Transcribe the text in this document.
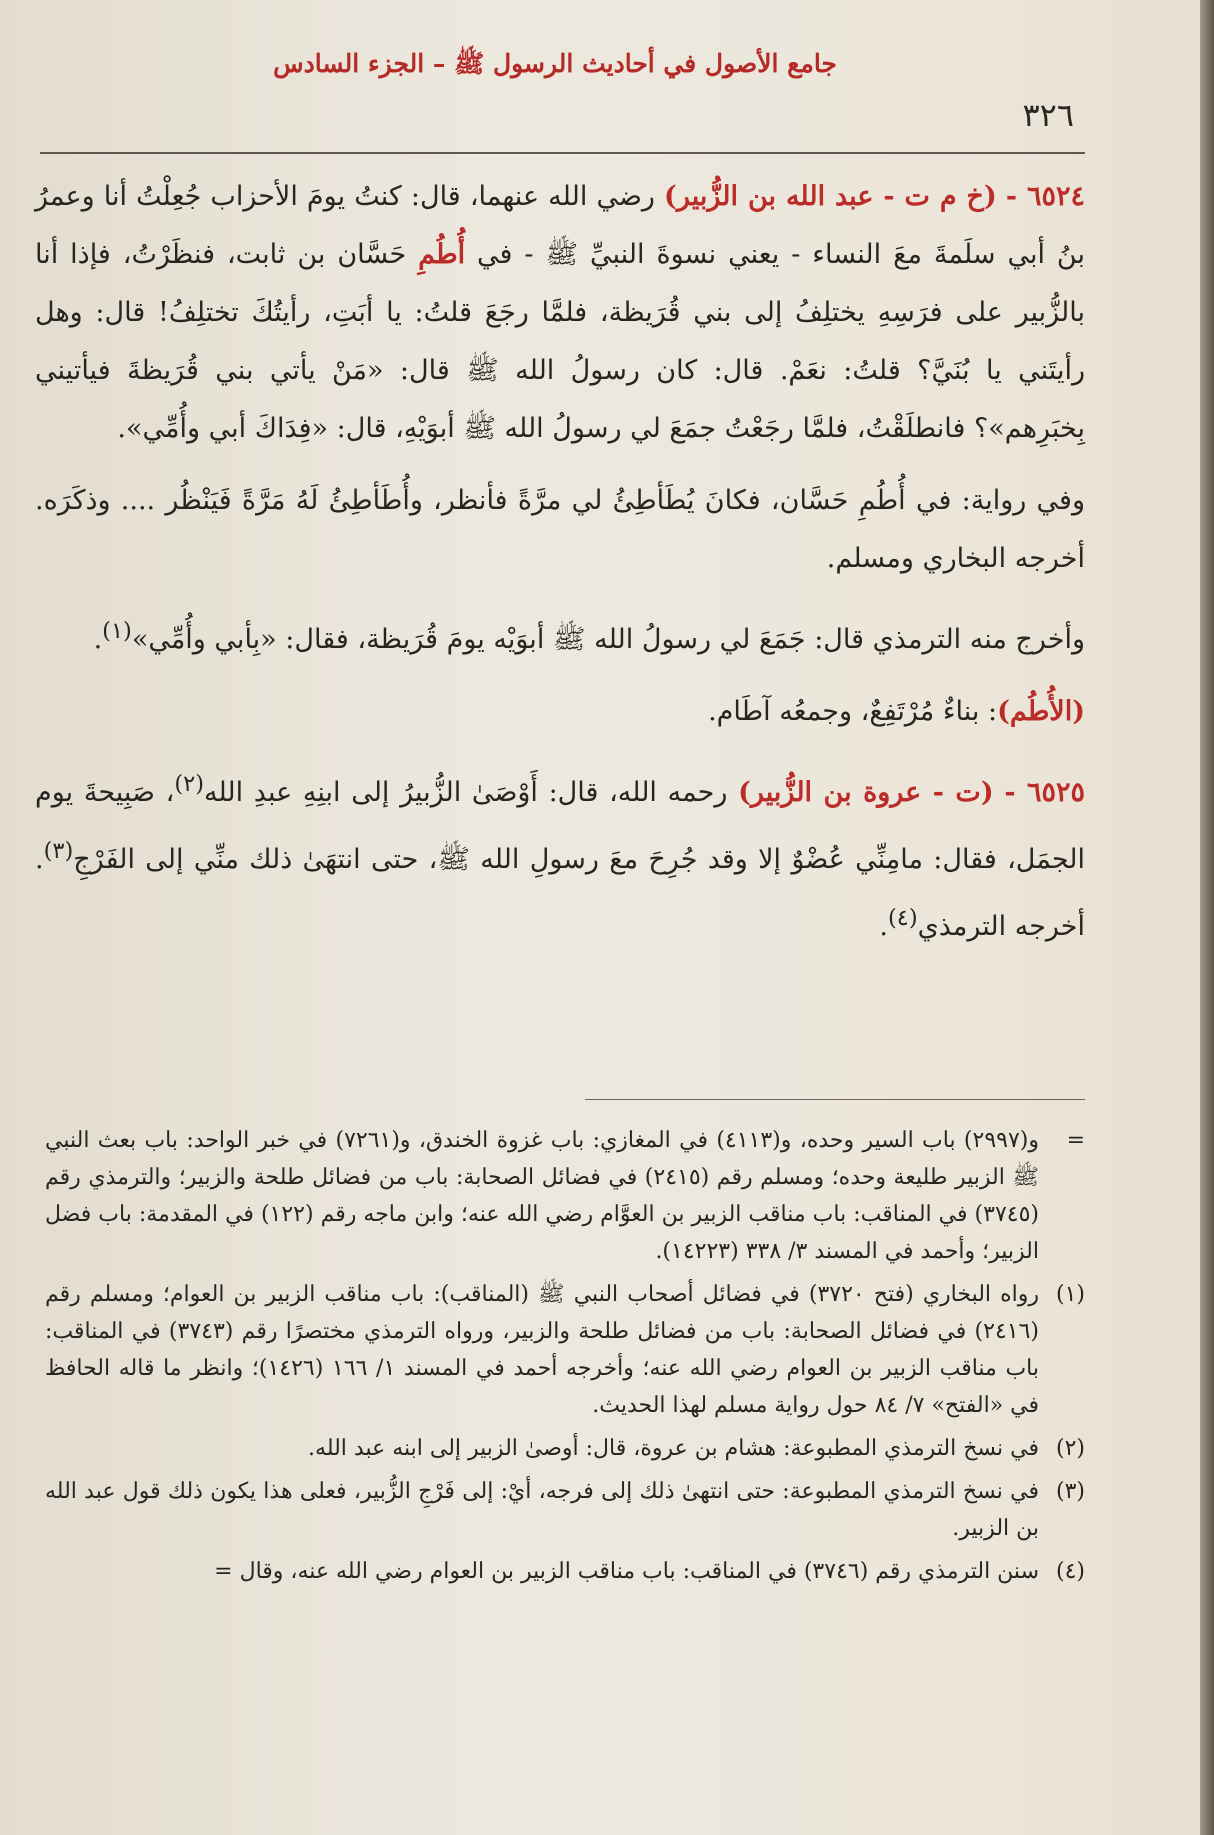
جامع الأصول في أحاديث الرسول ﷺ – الجزء السادس
٣٢٦

٦٥٢٤ - (خ م ت - عبد الله بن الزُّبير) رضي الله عنهما، قال: كنتُ يومَ الأحزاب جُعِلْتُ أنا وعمرُ بنُ أبي سلَمةَ معَ النساء - يعني نسوةَ النبيِّ ﷺ - في أُطُمِ حَسَّان بن ثابت، فنظَرْتُ، فإذا أنا بالزُّبير على فرَسِهِ يختلِفُ إلى بني قُرَيظة، فلمَّا رجَعَ قلتُ: يا أبَتِ، رأيتُكَ تختلِفُ! قال: وهل رأيتَني يا بُنَيَّ؟ قلتُ: نعَمْ. قال: كان رسولُ الله ﷺ قال: «مَنْ يأتي بني قُرَيظةَ فيأتيني بِخبَرِهم»؟ فانطلَقْتُ، فلمَّا رجَعْتُ جمَعَ لي رسولُ الله ﷺ أبوَيْهِ، قال: «فِدَاكَ أبي وأُمِّي».

وفي رواية: في أُطُمِ حَسَّان، فكانَ يُطَأطِئُ لي مرَّةً فأنظر، وأُطَأطِئُ لَهُ مَرَّةً فَيَنْظُر .... وذكَرَه. أخرجه البخاري ومسلم.

وأخرج منه الترمذي قال: جَمَعَ لي رسولُ الله ﷺ أبوَيْه يومَ قُرَيظة، فقال: «بِأبي وأُمِّي»$^{(١)}$.

(الأُطُم): بناءٌ مُرْتَفِعٌ، وجمعُه آطَام.

٦٥٢٥ - (ت - عروة بن الزُّبير) رحمه الله، قال: أَوْصَىٰ الزُّبيرُ إلى ابنِهِ عبدِ الله$^{(٢)}$، صَبِيحةَ يوم الجمَل، فقال: مامِنِّي عُضْوٌ إلا وقد جُرِحَ معَ رسولِ الله ﷺ، حتى انتهَىٰ ذلك منِّي إلى الفَرْجِ$^{(٣)}$. أخرجه الترمذي$^{(٤)}$.

=
و(٢٩٩٧) باب السير وحده، و(٤١١٣) في المغازي: باب غزوة الخندق، و(٧٢٦١) في خبر الواحد: باب بعث النبي ﷺ الزبير طليعة وحده؛ ومسلم رقم (٢٤١٥) في فضائل الصحابة: باب من فضائل طلحة والزبير؛ والترمذي رقم (٣٧٤٥) في المناقب: باب مناقب الزبير بن العوَّام رضي الله عنه؛ وابن ماجه رقم (١٢٢) في المقدمة: باب فضل الزبير؛ وأحمد في المسند ٣/ ٣٣٨ (١٤٢٢٣).
(١)
رواه البخاري (فتح ٣٧٢٠) في فضائل أصحاب النبي ﷺ (المناقب): باب مناقب الزبير بن العوام؛ ومسلم رقم (٢٤١٦) في فضائل الصحابة: باب من فضائل طلحة والزبير، ورواه الترمذي مختصرًا رقم (٣٧٤٣) في المناقب: باب مناقب الزبير بن العوام رضي الله عنه؛ وأخرجه أحمد في المسند ١/ ١٦٦ (١٤٢٦)؛ وانظر ما قاله الحافظ في «الفتح» ٧/ ٨٤ حول رواية مسلم لهذا الحديث.
(٢)
في نسخ الترمذي المطبوعة: هشام بن عروة، قال: أوصىٰ الزبير إلى ابنه عبد الله.
(٣)
في نسخ الترمذي المطبوعة: حتى انتهىٰ ذلك إلى فرجه، أيْ: إلى فَرْجِ الزُّبير، فعلى هذا يكون ذلك قول عبد الله بن الزبير.
(٤)
سنن الترمذي رقم (٣٧٤٦) في المناقب: باب مناقب الزبير بن العوام رضي الله عنه، وقال =
